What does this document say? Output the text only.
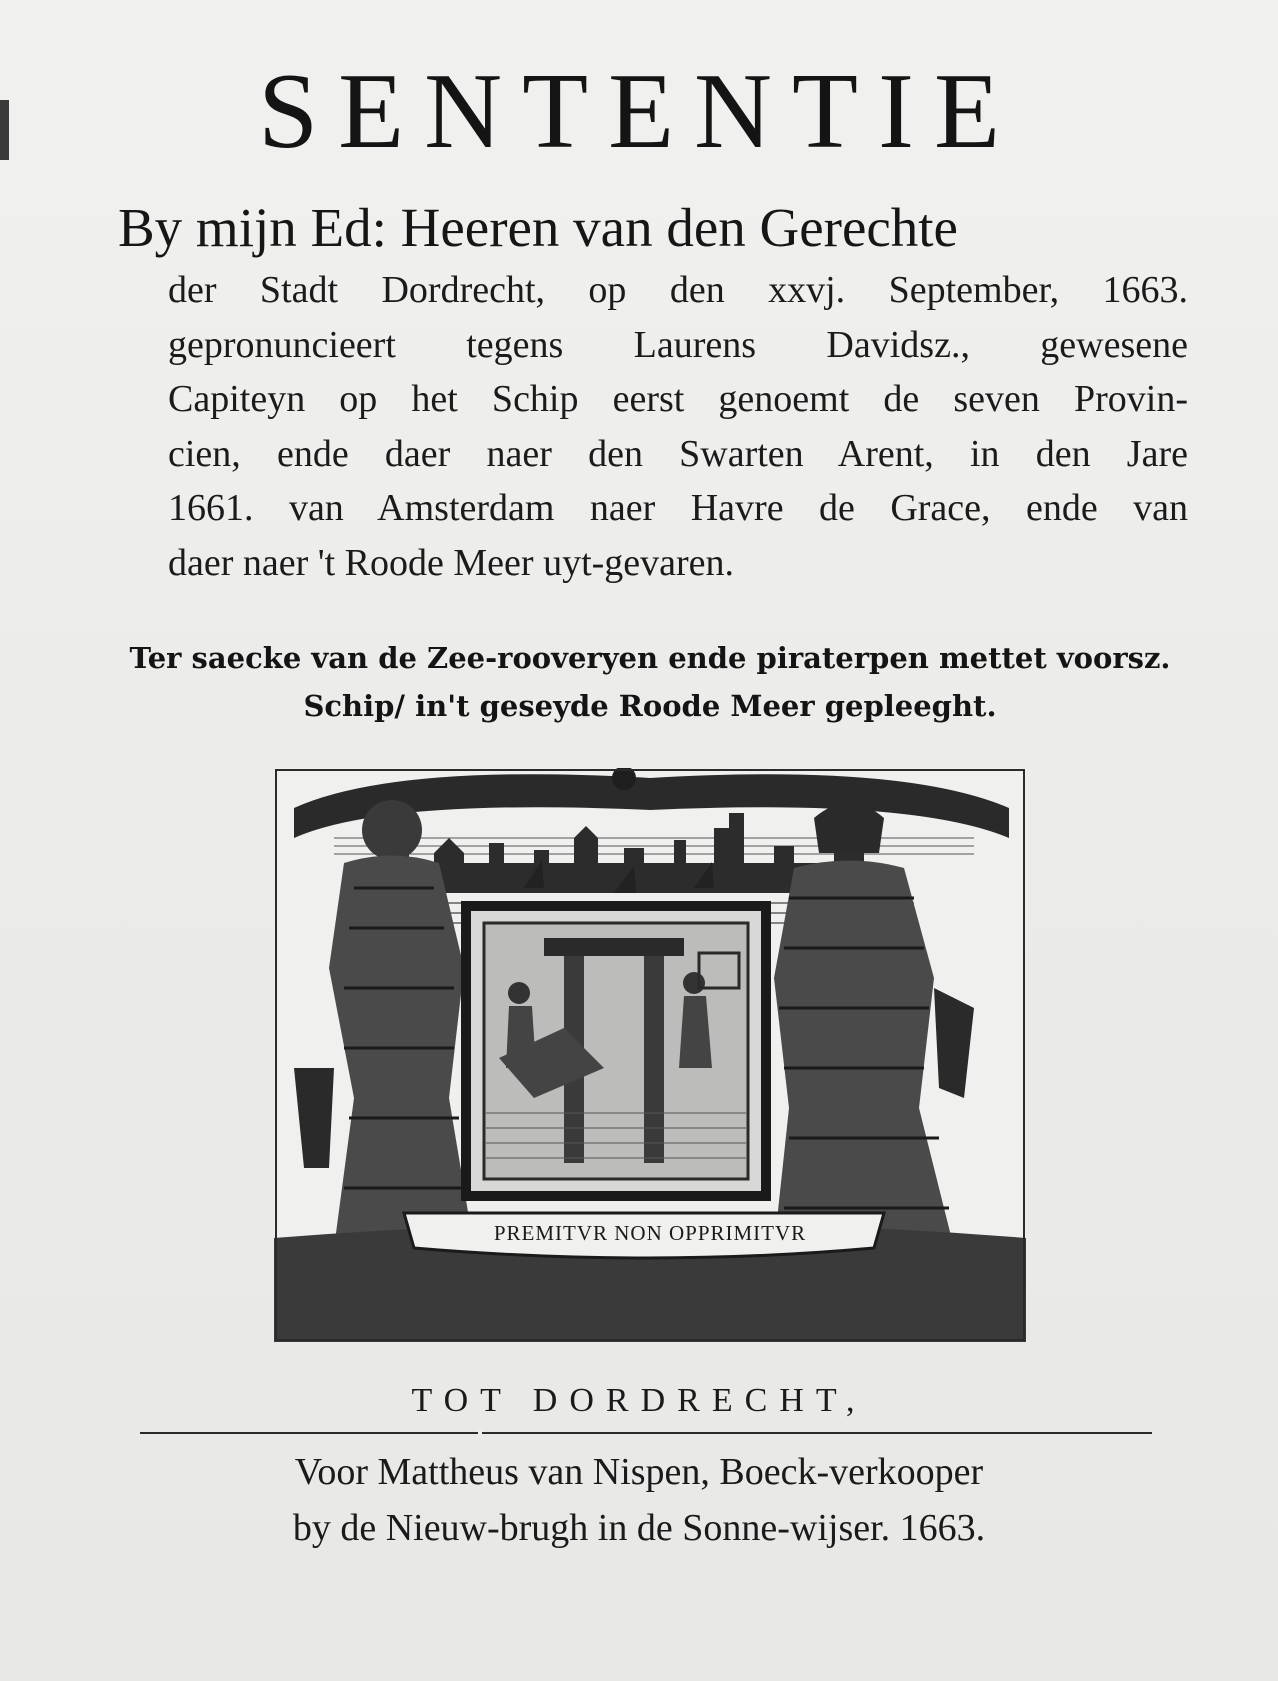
SENTENTIE
By mijn Ed: Heeren van den Gerechte
der Stadt Dordrecht, op den xxvj. September, 1663.
gepronuncieert tegens Laurens Davidsz., gewesene
Capiteyn op het Schip eerst genoemt de seven Provin-
cien, ende daer naer den Swarten Arent, in den Jare
1661. van Amsterdam naer Havre de Grace, ende van
daer naer 't Roode Meer uyt-gevaren.
Ter saecke van de Zee-rooveryen ende piraterpen mettet voorsz.
Schip/ in't geseyde Roode Meer gepleeght.
PREMITVR NON OPPRIMITVR
TOT DORDRECHT,
Voor Mattheus van Nispen, Boeck-verkooper
by de Nieuw-brugh in de Sonne-wijser. 1663.
